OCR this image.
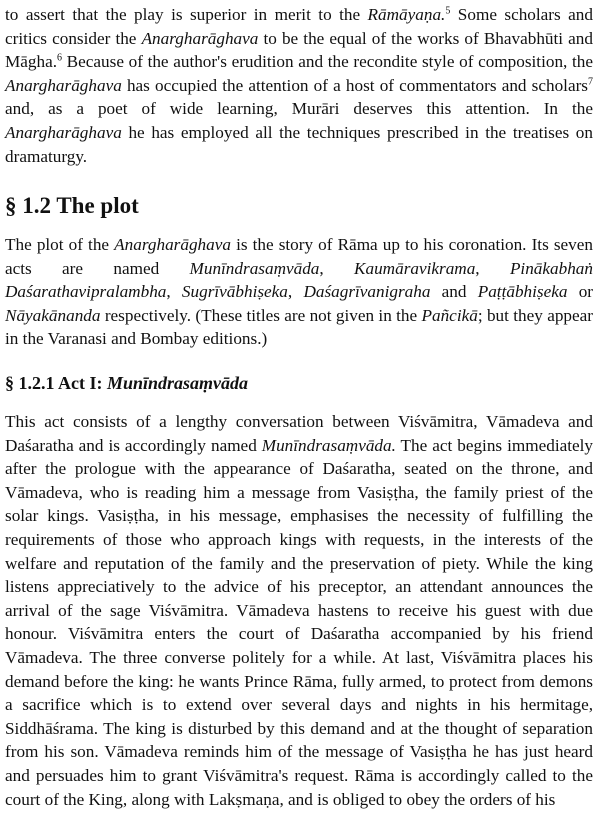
to assert that the play is superior in merit to the Rāmāyaṇa.$^5$ Some scholars and critics consider the Anargharāghava to be the equal of the works of Bhavabhūti and Māgha.$^6$ Because of the author's erudition and the recondite style of composition, the Anargharāghava has occupied the attention of a host of commentators and scholars$^7$ and, as a poet of wide learning, Murāri deserves this attention. In the Anargharāghava he has employed all the techniques prescribed in the treatises on dramaturgy.

§ 1.2 The plot

The plot of the Anargharāghava is the story of Rāma up to his coronation. Its seven acts are named Munīndrasaṃvāda, Kaumāravikrama, Pinākabhaṅ Daśarathavipralambha, Sugrīvābhiṣeka, Daśagrīvanigraha and Paṭṭābhiṣeka or Nāyakānanda respectively. (These titles are not given in the Pañcikā; but they appear in the Varanasi and Bombay editions.)

§ 1.2.1 Act I: Munīndrasaṃvāda

This act consists of a lengthy conversation between Viśvāmitra, Vāmadeva and Daśaratha and is accordingly named Munīndrasaṃvāda. The act begins immediately after the prologue with the appearance of Daśaratha, seated on the throne, and Vāmadeva, who is reading him a message from Vasiṣṭha, the family priest of the solar kings. Vasiṣṭha, in his message, emphasises the necessity of fulfilling the requirements of those who approach kings with requests, in the interests of the welfare and reputation of the family and the preservation of piety. While the king listens appreciatively to the advice of his preceptor, an attendant announces the arrival of the sage Viśvāmitra. Vāmadeva hastens to receive his guest with due honour. Viśvāmitra enters the court of Daśaratha accompanied by his friend Vāmadeva. The three converse politely for a while. At last, Viśvāmitra places his demand before the king: he wants Prince Rāma, fully armed, to protect from demons a sacrifice which is to extend over several days and nights in his hermitage, Siddhāśrama. The king is disturbed by this demand and at the thought of separation from his son. Vāmadeva reminds him of the message of Vasiṣṭha he has just heard and persuades him to grant Viśvāmitra's request. Rāma is accordingly called to the court of the King, along with Lakṣmaṇa, and is obliged to obey the orders of his
